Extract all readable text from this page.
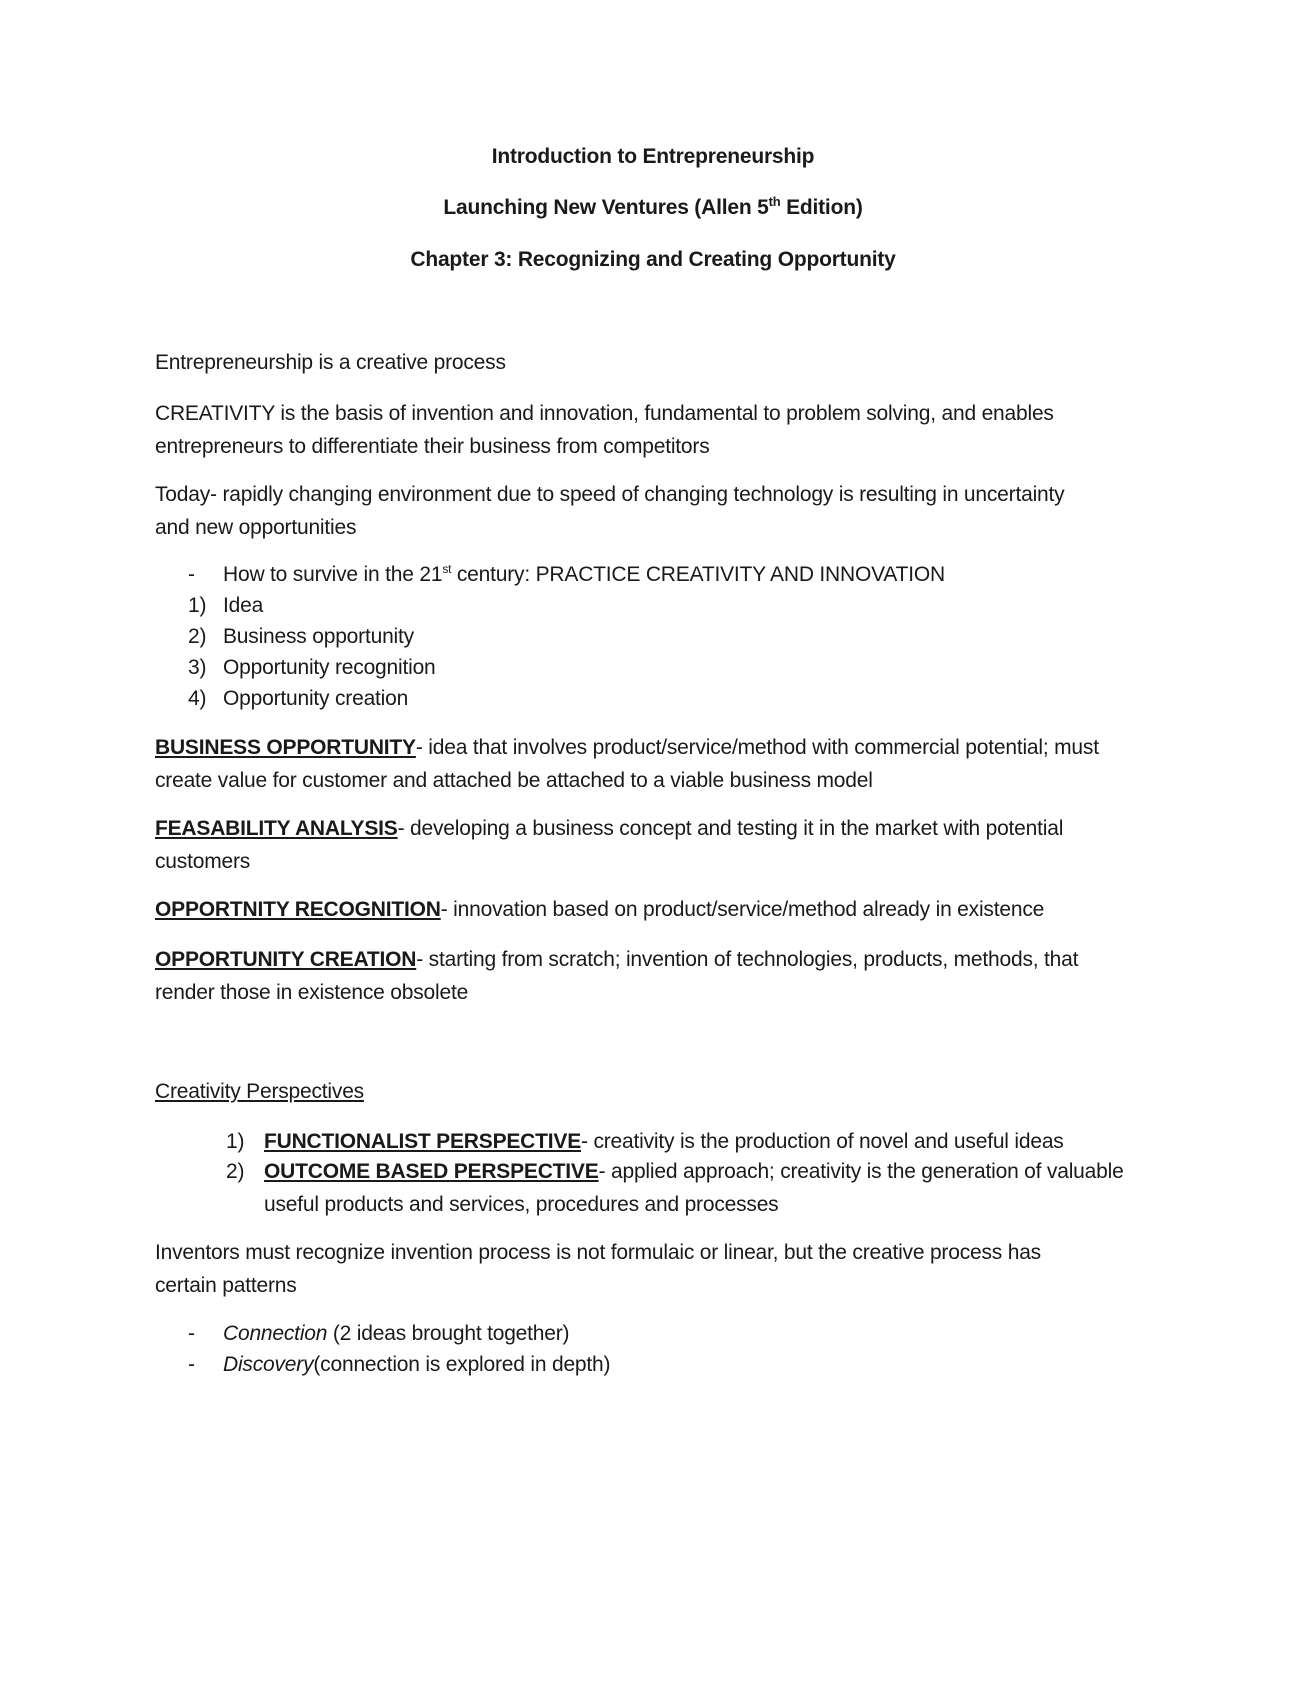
Introduction to Entrepreneurship
Launching New Ventures (Allen 5th Edition)
Chapter 3: Recognizing and Creating Opportunity

Entrepreneurship is a creative process

CREATIVITY is the basis of invention and innovation, fundamental to problem solving, and enables

entrepreneurs to differentiate their business from competitors

Today- rapidly changing environment due to speed of changing technology is resulting in uncertainty

and new opportunities

- How to survive in the 21st century: PRACTICE CREATIVITY AND INNOVATION
1) Idea
2) Business opportunity
3) Opportunity recognition
4) Opportunity creation

BUSINESS OPPORTUNITY- idea that involves product/service/method with commercial potential; must

create value for customer and attached be attached to a viable business model

FEASABILITY ANALYSIS- developing a business concept and testing it in the market with potential

customers

OPPORTNITY RECOGNITION- innovation based on product/service/method already in existence

OPPORTUNITY CREATION- starting from scratch; invention of technologies, products, methods, that

render those in existence obsolete

Creativity Perspectives

1) FUNCTIONALIST PERSPECTIVE- creativity is the production of novel and useful ideas
2) OUTCOME BASED PERSPECTIVE- applied approach; creativity is the generation of valuable
useful products and services, procedures and processes

Inventors must recognize invention process is not formulaic or linear, but the creative process has

certain patterns

- Connection (2 ideas brought together)
- Discovery(connection is explored in depth)
